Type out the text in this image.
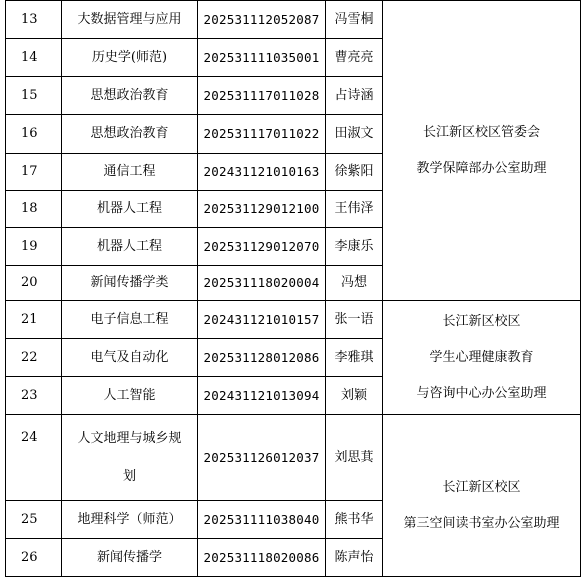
13	大数据管理与应用	202531112052087	冯雪桐	长江新区校区管委会
教学保障部办公室助理

14	历史学(师范)	202531111035001	曹亮亮	
15	思想政治教育	202531117011028	占诗涵	
16	思想政治教育	202531117011022	田淑文	
17	通信工程	202431121010163	徐紫阳	
18	机器人工程	202531129012100	王伟泽	
19	机器人工程	202531129012070	李康乐	
20	新闻传播学类	202531118020004	冯想	
21	电子信息工程	202431121010157	张一语	长江新区校区
学生心理健康教育
与咨询中心办公室助理

22	电气及自动化	202531128012086	李雅琪	
23	人工智能	202431121013094	刘颖	
24	人文地理与城乡规
划	202531126012037	刘思萁	长江新区校区
第三空间读书室办公室助理

25	地理科学（师范）	202531111038040	熊书华	
26	新闻传播学	202531118020086	陈声怡	
